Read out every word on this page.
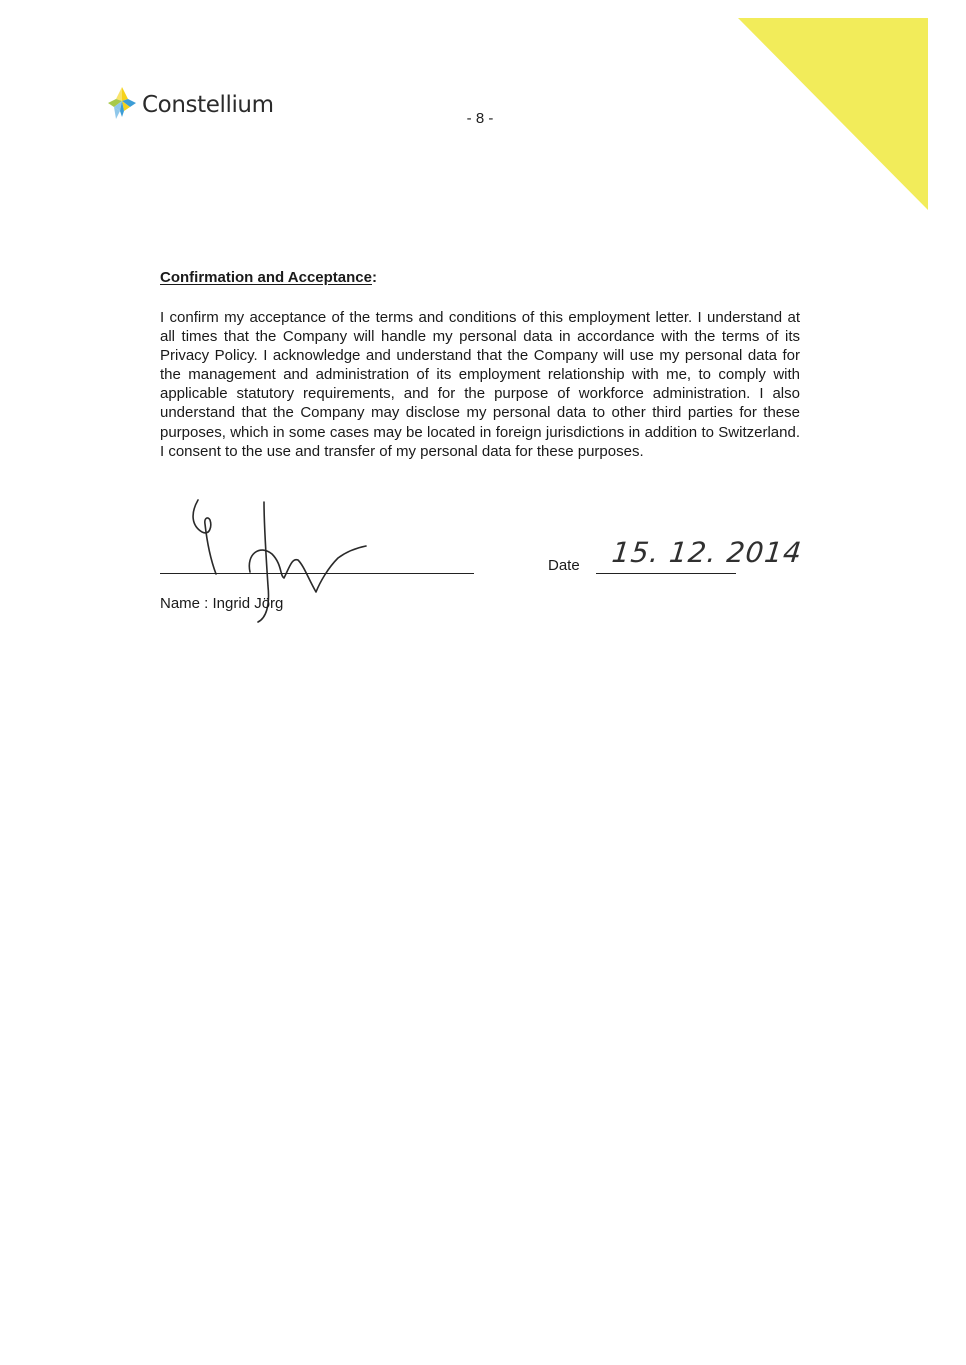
Constellium
- 8 -
Confirmation and Acceptance:

I confirm my acceptance of the terms and conditions of this employment letter. I understand at all times that the Company will handle my personal data in accordance with the terms of its Privacy Policy. I acknowledge and understand that the Company will use my personal data for the management and administration of its employment relationship with me, to comply with applicable statutory requirements, and for the purpose of workforce administration. I also understand that the Company may disclose my personal data to other third parties for these purposes, which in some cases may be located in foreign jurisdictions in addition to Switzerland. I consent to the use and transfer of my personal data for these purposes.

Name : Ingrid Jörg
Date 15. 12. 2014
